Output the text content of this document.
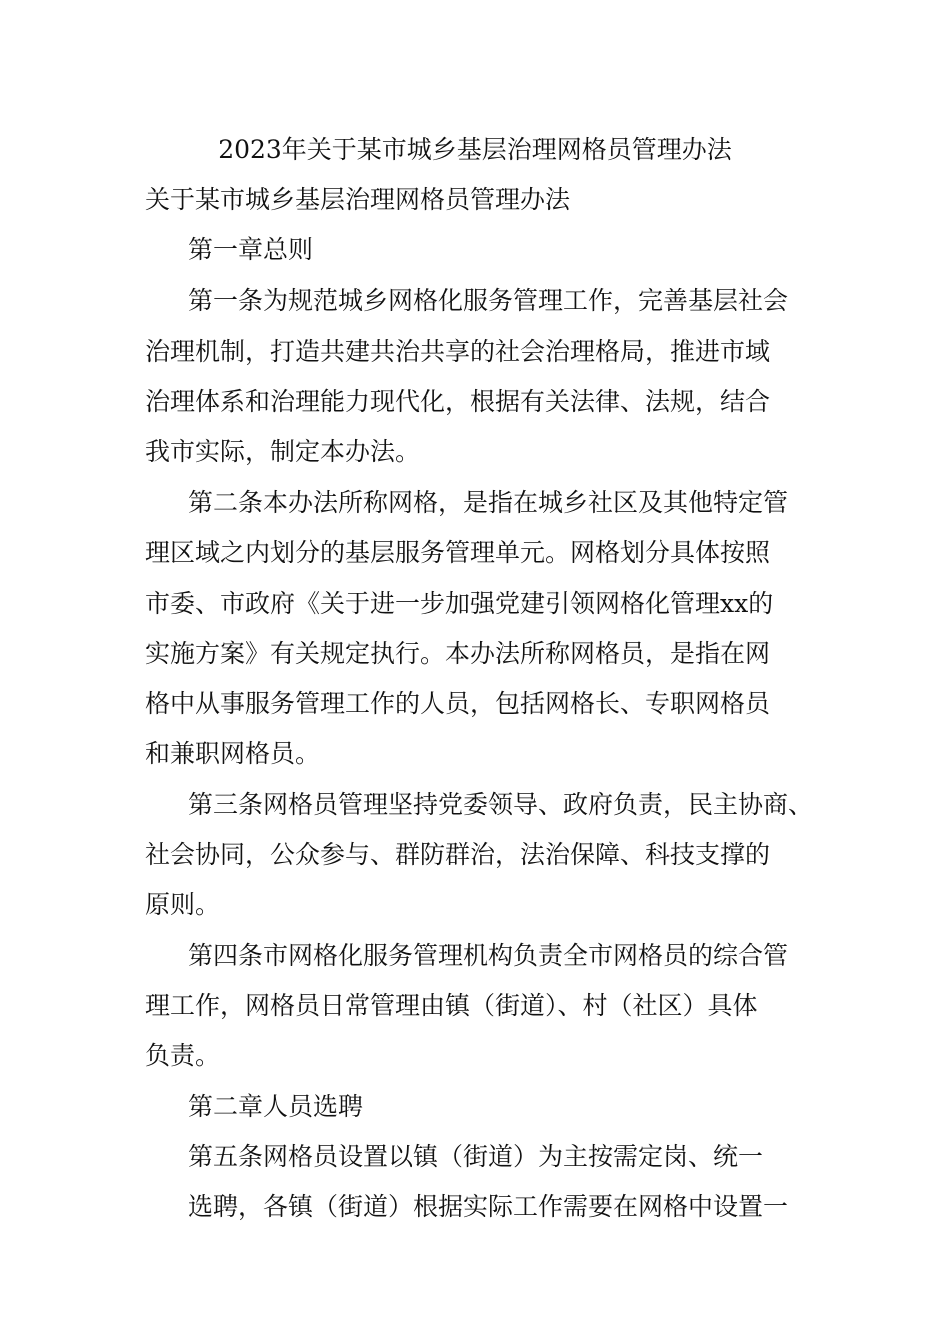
2023年关于某市城乡基层治理网格员管理办法
关于某市城乡基层治理网格员管理办法
第一章总则
第一条为规范城乡网格化服务管理工作，完善基层社会
治理机制，打造共建共治共享的社会治理格局，推进市域
治理体系和治理能力现代化，根据有关法律、法规，结合
我市实际，制定本办法。
第二条本办法所称网格，是指在城乡社区及其他特定管
理区域之内划分的基层服务管理单元。网格划分具体按照
市委、市政府《关于进一步加强党建引领网格化管理xx的
实施方案》有关规定执行。本办法所称网格员，是指在网
格中从事服务管理工作的人员，包括网格长、专职网格员
和兼职网格员。
第三条网格员管理坚持党委领导、政府负责，民主协商、
社会协同，公众参与、群防群治，法治保障、科技支撑的
原则。
第四条市网格化服务管理机构负责全市网格员的综合管
理工作，网格员日常管理由镇（街道）、村（社区）具体
负责。
第二章人员选聘
第五条网格员设置以镇（街道）为主按需定岗、统一
选聘，各镇（街道）根据实际工作需要在网格中设置一
